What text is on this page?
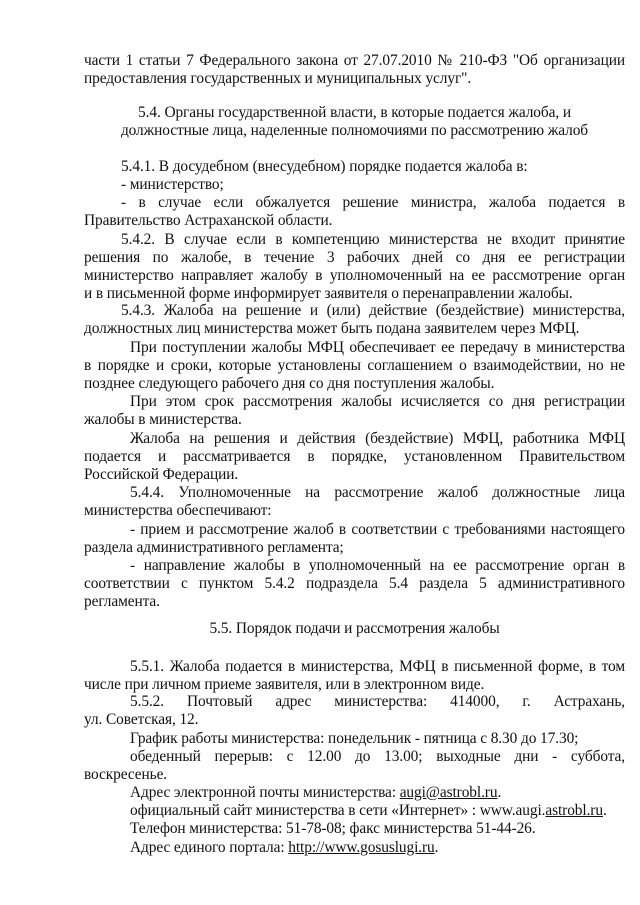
части 1 статьи 7 Федерального закона от 27.07.2010 № 210-ФЗ "Об организации
предоставления государственных и муниципальных услуг".
5.4. Органы государственной власти, в которые подается жалоба, и
должностные лица, наделенные полномочиями по рассмотрению жалоб
5.4.1. В досудебном (внесудебном) порядке подается жалоба в:
- министерство;
- в случае если обжалуется решение министра, жалоба подается в
Правительство Астраханской области.
5.4.2. В случае если в компетенцию министерства не входит принятие
решения по жалобе, в течение 3 рабочих дней со дня ее регистрации
министерство направляет жалобу в уполномоченный на ее рассмотрение орган
и в письменной форме информирует заявителя о перенаправлении жалобы.
5.4.3. Жалоба на решение и (или) действие (бездействие) министерства,
должностных лиц министерства может быть подана заявителем через МФЦ.
При поступлении жалобы МФЦ обеспечивает ее передачу в министерства
в порядке и сроки, которые установлены соглашением о взаимодействии, но не
позднее следующего рабочего дня со дня поступления жалобы.
При этом срок рассмотрения жалобы исчисляется со дня регистрации
жалобы в министерства.
Жалоба на решения и действия (бездействие) МФЦ, работника МФЦ
подается и рассматривается в порядке, установленном Правительством
Российской Федерации.
5.4.4. Уполномоченные на рассмотрение жалоб должностные лица
министерства обеспечивают:
- прием и рассмотрение жалоб в соответствии с требованиями настоящего
раздела административного регламента;
- направление жалобы в уполномоченный на ее рассмотрение орган в
соответствии с пунктом 5.4.2 подраздела 5.4 раздела 5 административного
регламента.
5.5. Порядок подачи и рассмотрения жалобы
5.5.1. Жалоба подается в министерства, МФЦ в письменной форме, в том
числе при личном приеме заявителя, или в электронном виде.
5.5.2. Почтовый адрес министерства: 414000, г. Астрахань,
ул. Советская, 12.
График работы министерства: понедельник - пятница с 8.30 до 17.30;
обеденный перерыв: с 12.00 до 13.00; выходные дни - суббота,
воскресенье.
Адрес электронной почты министерства: augi@astrobl.ru.
официальный сайт министерства в сети «Интернет» : www.augi.astrobl.ru.
Телефон министерства: 51-78-08; факс министерства 51-44-26.
Адрес единого портала: http://www.gosuslugi.ru.
